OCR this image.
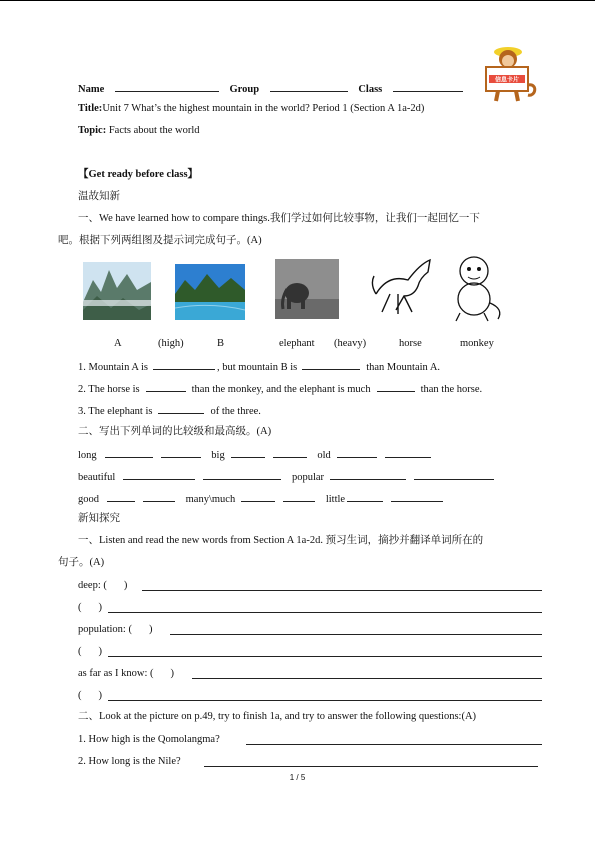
信息卡片
Name	Group	Class
Title:Unit 7 What’s the highest mountain in the world? Period 1 (Section A 1a-2d)
Topic: Facts about the world
【Get ready before class】
温故知新
一、We have learned how to compare things.我们学过如何比较事物，让我们一起回忆一下
吧。根据下列两组图及提示词完成句子。(A)
A	(high)	B	elephant (heavy)	horse	monkey
1. Mountain A is	, but mountain B is	than Mountain A.
2. The horse is	than the monkey, and the elephant is much	than the horse.
3. The elephant is	of the three.
二、写出下列单词的比较级和最高级。(A)
long	big	old
beautiful	popular
good	many\much	little
新知探究
一、Listen and read the new words from Section A 1a-2d. 预习生词，摘抄并翻译单词所在的
句子。(A)
deep: ( )
( )
population: ( )
( )
as far as I know: ( )
( )
二、Look at the picture on p.49, try to finish 1a, and try to answer the following questions:(A)
1. How high is the Qomolangma?
2. How long is the Nile?
1 / 5
